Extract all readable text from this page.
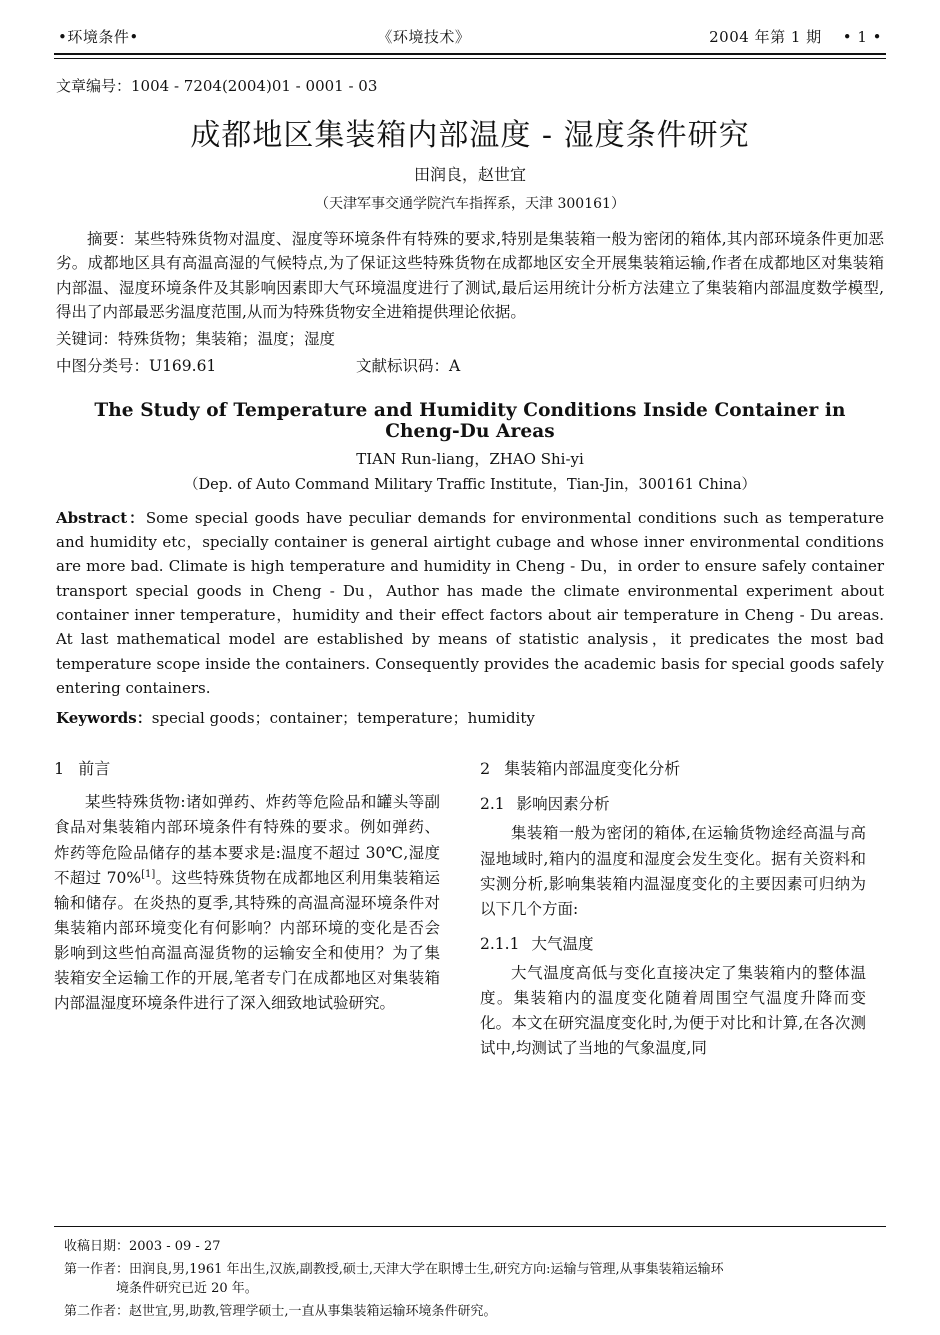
•环境条件•	《环境技术》	2004 年第 1 期    • 1 •
文章编号：1004 - 7204(2004)01 - 0001 - 03
成都地区集装箱内部温度 - 湿度条件研究
田润良，赵世宜
（天津军事交通学院汽车指挥系，天津 300161）

摘要：某些特殊货物对温度、湿度等环境条件有特殊的要求,特别是集装箱一般为密闭的箱体,其内部环境条件更加恶劣。成都地区具有高温高湿的气候特点,为了保证这些特殊货物在成都地区安全开展集装箱运输,作者在成都地区对集装箱内部温、湿度环境条件及其影响因素即大气环境温度进行了测试,最后运用统计分析方法建立了集装箱内部温度数学模型,得出了内部最恶劣温度范围,从而为特殊货物安全进箱提供理论依据。

关键词：特殊货物；集装箱；温度；湿度
中图分类号：U169.61	文献标识码：A
The Study of Temperature and Humidity Conditions Inside Container in Cheng-Du Areas
TIAN Run-liang，ZHAO Shi-yi
（Dep. of Auto Command Military Traffic Institute，Tian-Jin，300161 China）
Abstract：Some special goods have peculiar demands for environmental conditions such as temperature and humidity etc，specially container is general airtight cubage and whose inner environmental conditions are more bad. Climate is high temperature and humidity in Cheng - Du，in order to ensure safely container transport special goods in Cheng - Du，Author has made the climate environmental experiment about container inner temperature，humidity and their effect factors about air temperature in Cheng - Du areas. At last mathematical model are established by means of statistic analysis，it predicates the most bad temperature scope inside the containers. Consequently provides the academic basis for special goods safely entering containers.
Keywords：special goods；container；temperature；humidity
1 前言

某些特殊货物:诸如弹药、炸药等危险品和罐头等副食品对集装箱内部环境条件有特殊的要求。例如弹药、炸药等危险品储存的基本要求是:温度不超过 30℃,湿度不超过 70%[1]。这些特殊货物在成都地区利用集装箱运输和储存。在炎热的夏季,其特殊的高温高湿环境条件对集装箱内部环境变化有何影响？内部环境的变化是否会影响到这些怕高温高湿货物的运输安全和使用？为了集装箱安全运输工作的开展,笔者专门在成都地区对集装箱内部温湿度环境条件进行了深入细致地试验研究。

2 集装箱内部温度变化分析
2.1 影响因素分析

集装箱一般为密闭的箱体,在运输货物途经高温与高湿地域时,箱内的温度和湿度会发生变化。据有关资料和实测分析,影响集装箱内温湿度变化的主要因素可归纳为以下几个方面:

2.1.1 大气温度

大气温度高低与变化直接决定了集装箱内的整体温度。集装箱内的温度变化随着周围空气温度升降而变化。本文在研究温度变化时,为便于对比和计算,在各次测试中,均测试了当地的气象温度,同

收稿日期： 2003 - 09 - 27
第一作者： 田润良,男,1961 年出生,汉族,副教授,硕士,天津大学在职博士生,研究方向:运输与管理,从事集装箱运输环
境条件研究已近 20 年。
第二作者： 赵世宜,男,助教,管理学硕士,一直从事集装箱运输环境条件研究。
